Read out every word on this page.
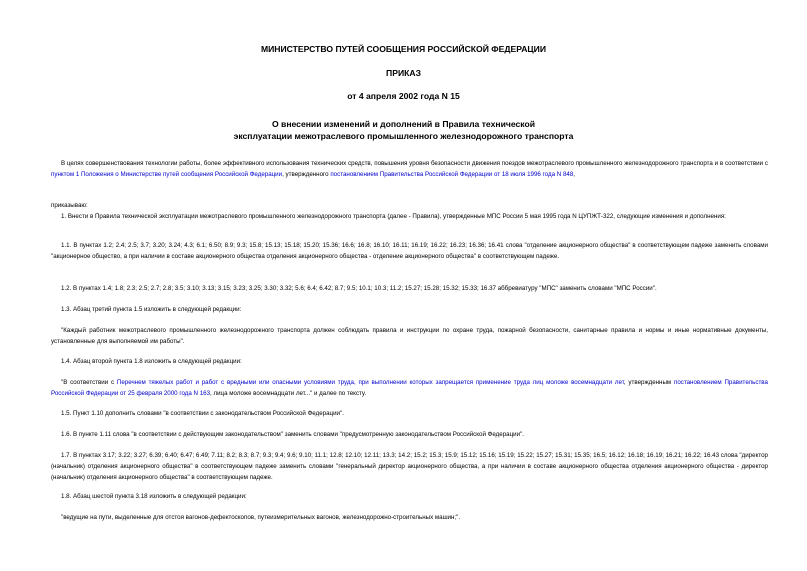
МИНИСТЕРСТВО ПУТЕЙ СООБЩЕНИЯ РОССИЙСКОЙ ФЕДЕРАЦИИ
ПРИКАЗ
от 4 апреля 2002 года N 15
О внесении изменений и дополнений в Правила технической
эксплуатации межотраслевого промышленного железнодорожного транспорта

В целях совершенствования технологии работы, более эффективного использования технических средств, повышения уровня безопасности движения поездов межотраслевого промышленного железнодорожного транспорта и в соответствии с пунктом 1 Положения о Министерстве путей сообщения Российской Федерации, утвержденного постановлением Правительства Российской Федерации от 18 июля 1996 года N 848,

приказываю:

1. Внести в Правила технической эксплуатации межотраслевого промышленного железнодорожного транспорта (далее - Правила), утвержденные МПС России 5 мая 1995 года N ЦУПЖТ-322, следующие изменения и дополнения:

1.1. В пунктах 1.2; 2.4; 2.5; 3.7; 3.20; 3.24; 4.3; 6.1; 6.50; 8.9; 9.3; 15.8; 15.13; 15.18; 15.20; 15.36; 16.6; 16.8; 16.10; 16.11; 16.19; 16.22; 16.23; 16.36; 16.41 слова "отделение акционерного общества" в соответствующем падеже заменить словами "акционерное общество, а при наличии в составе акционерного общества отделения акционерного общества - отделение акционерного общества" в соответствующем падеже.

1.2. В пунктах 1.4; 1.8; 2.3; 2.5; 2.7; 2.8; 3.5; 3.10; 3.13; 3.15; 3.23; 3.25; 3.30; 3.32; 5.6; 6.4; 6.42; 8.7; 9.5; 10.1; 10.3; 11.2; 15.27; 15.28; 15.32; 15.33; 16.37 аббревиатуру "МПС" заменить словами "МПС России".

1.3. Абзац третий пункта 1.5 изложить в следующей редакции:

"Каждый работник межотраслевого промышленного железнодорожного транспорта должен соблюдать правила и инструкции по охране труда, пожарной безопасности, санитарные правила и нормы и иные нормативные документы, установленные для выполняемой им работы".

1.4. Абзац второй пункта 1.8 изложить в следующей редакции:

"В соответствии с Перечнем тяжелых работ и работ с вредными или опасными условиями труда, при выполнении которых запрещается применение труда лиц моложе восемнадцати лет, утвержденным постановлением Правительства Российской Федерации от 25 февраля 2000 года N 163, лица моложе восемнадцати лет..." и далее по тексту.

1.5. Пункт 1.10 дополнить словами "в соответствии с законодательством Российской Федерации".

1.6. В пункте 1.11 слова "в соответствии с действующим законодательством" заменить словами "предусмотренную законодательством Российской Федерации".

1.7. В пунктах 3.17; 3.22; 3.27; 6.39; 6.40; 6.47; 6.49; 7.11; 8.2; 8.3; 8.7; 9.3; 9.4; 9.6; 9.10; 11.1; 12.8; 12.10; 12.11; 13.3; 14.2; 15.2; 15.3; 15.9; 15.12; 15.16; 15.19; 15.22; 15.27; 15.31; 15.35; 16.5; 16.12; 16.18; 16.19; 16.21; 16.22; 16.43 слова "директор (начальник) отделения акционерного общества" в соответствующем падеже заменить словами "генеральный директор акционерного общества, а при наличии в составе акционерного общества отделения акционерного общества - директор (начальник) отделения акционерного общества" в соответствующем падеже.

1.8. Абзац шестой пункта 3.18 изложить в следующей редакции:

"ведущие на пути, выделенные для отстоя вагонов-дефектоскопов, путеизмерительных вагонов, железнодорожно-строительных машин;".
